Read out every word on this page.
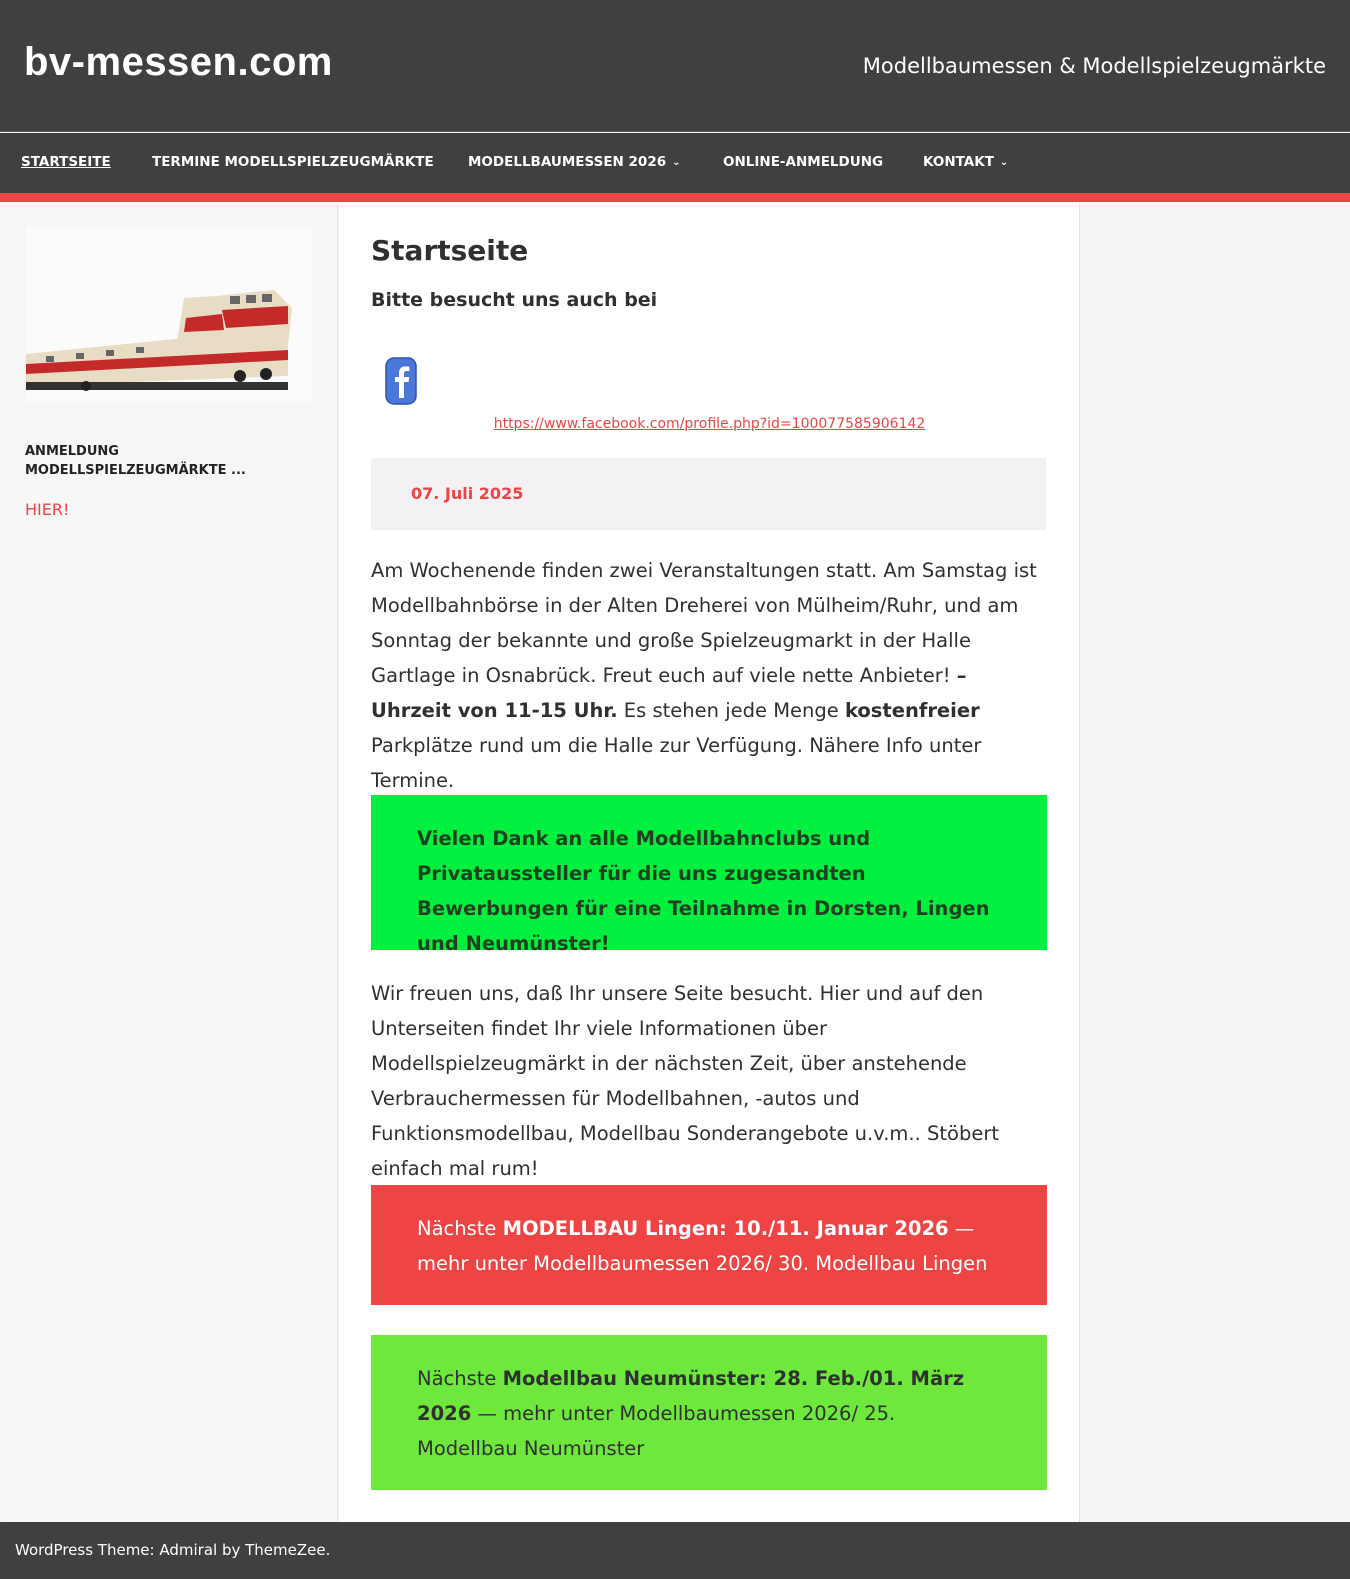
bv-messen.com	Modellbaumessen & Modellspielzeugmärkte
STARTSEITE	TERMINE MODELLSPIELZEUGMÄRKTE	MODELLBAUMESSEN 2026 ⌄	ONLINE-ANMELDUNG	KONTAKT ⌄
ANMELDUNG MODELLSPIELZEUGMÄRKTE ...
HIER!
Startseite
Bitte besucht uns auch bei
https://www.facebook.com/profile.php?id=100077585906142
07. Juli 2025
Am Wochenende finden zwei Veranstaltungen statt. Am Samstag ist Modellbahnbörse in der Alten Dreherei von Mülheim/Ruhr, und am Sonntag der bekannte und große Spielzeugmarkt in der Halle Gartlage in Osnabrück. Freut euch auf viele nette Anbieter! – Uhrzeit von 11-15 Uhr. Es stehen jede Menge kostenfreier Parkplätze rund um die Halle zur Verfügung. Nähere Info unter Termine.
Vielen Dank an alle Modellbahnclubs und Privataussteller für die uns zugesandten Bewerbungen für eine Teilnahme in Dorsten, Lingen und Neumünster!
Wir freuen uns, daß Ihr unsere Seite besucht. Hier und auf den Unterseiten findet Ihr viele Informationen über Modellspielzeugmärkt in der nächsten Zeit, über anstehende Verbrauchermessen für Modellbahnen, -autos und Funktionsmodellbau, Modellbau Sonderangebote u.v.m.. Stöbert einfach mal rum!
Nächste MODELLBAU Lingen: 10./11. Januar 2026 — mehr unter Modellbaumessen 2026/ 30. Modellbau Lingen
Nächste Modellbau Neumünster: 28. Feb./01. März 2026 — mehr unter Modellbaumessen 2026/ 25. Modellbau Neumünster
WordPress Theme: Admiral by ThemeZee.
